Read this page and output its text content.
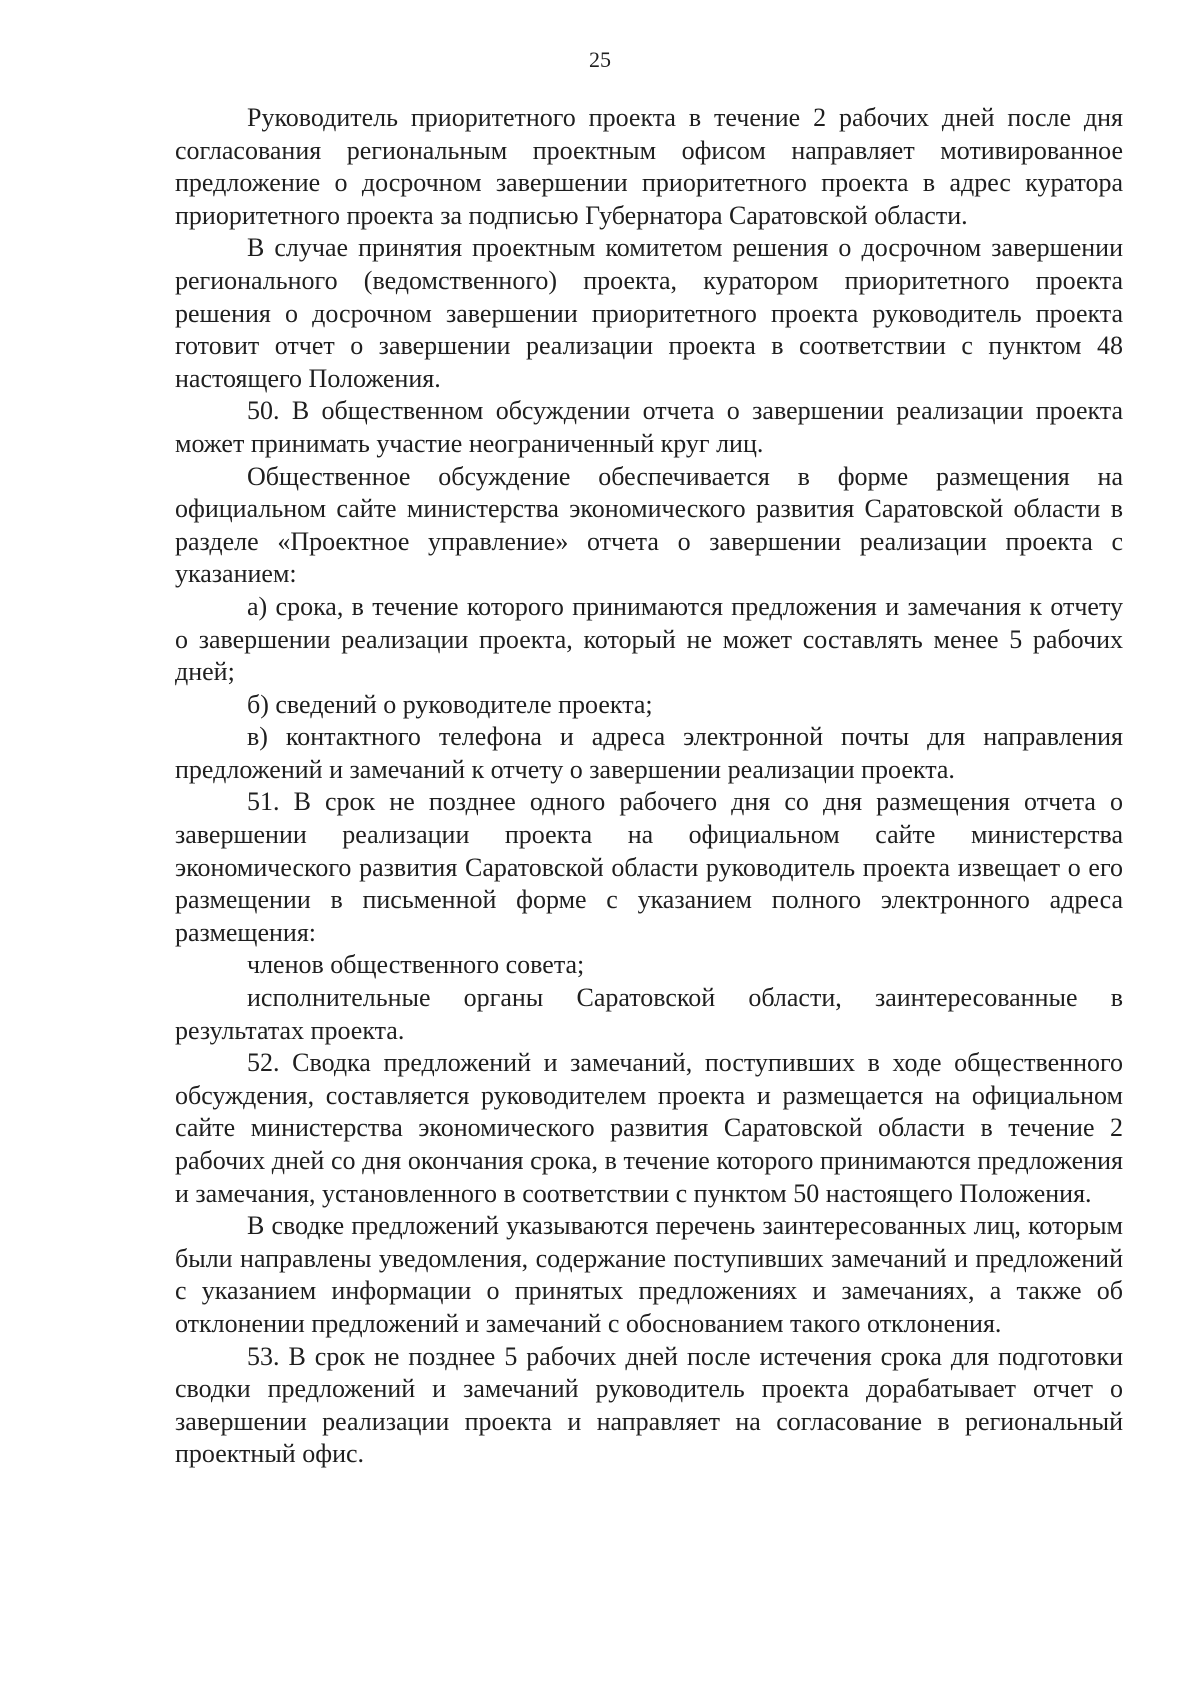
25

Руководитель приоритетного проекта в течение 2 рабочих дней после дня согласования региональным проектным офисом направляет мотивированное предложение о досрочном завершении приоритетного проекта в адрес куратора приоритетного проекта за подписью Губернатора Саратовской области.

В случае принятия проектным комитетом решения о досрочном завершении регионального (ведомственного) проекта, куратором приоритетного проекта решения о досрочном завершении приоритетного проекта руководитель проекта готовит отчет о завершении реализации проекта в соответствии с пунктом 48 настоящего Положения.

50. В общественном обсуждении отчета о завершении реализации проекта может принимать участие неограниченный круг лиц.

Общественное обсуждение обеспечивается в форме размещения на официальном сайте министерства экономического развития Саратовской области в разделе «Проектное управление» отчета о завершении реализации проекта с указанием:

а) срока, в течение которого принимаются предложения и замечания к отчету о завершении реализации проекта, который не может составлять менее 5 рабочих дней;

б) сведений о руководителе проекта;

в) контактного телефона и адреса электронной почты для направления предложений и замечаний к отчету о завершении реализации проекта.

51. В срок не позднее одного рабочего дня со дня размещения отчета о завершении реализации проекта на официальном сайте министерства экономического развития Саратовской области руководитель проекта извещает о его размещении в письменной форме с указанием полного электронного адреса размещения:

членов общественного совета;

исполнительные органы Саратовской области, заинтересованные в результатах проекта.

52. Сводка предложений и замечаний, поступивших в ходе общественного обсуждения, составляется руководителем проекта и размещается на официальном сайте министерства экономического развития Саратовской области в течение 2 рабочих дней со дня окончания срока, в течение которого принимаются предложения и замечания, установленного в соответствии с пунктом 50 настоящего Положения.

В сводке предложений указываются перечень заинтересованных лиц, которым были направлены уведомления, содержание поступивших замечаний и предложений с указанием информации о принятых предложениях и замечаниях, а также об отклонении предложений и замечаний с обоснованием такого отклонения.

53. В срок не позднее 5 рабочих дней после истечения срока для подготовки сводки предложений и замечаний руководитель проекта дорабатывает отчет о завершении реализации проекта и направляет на согласование в региональный проектный офис.
